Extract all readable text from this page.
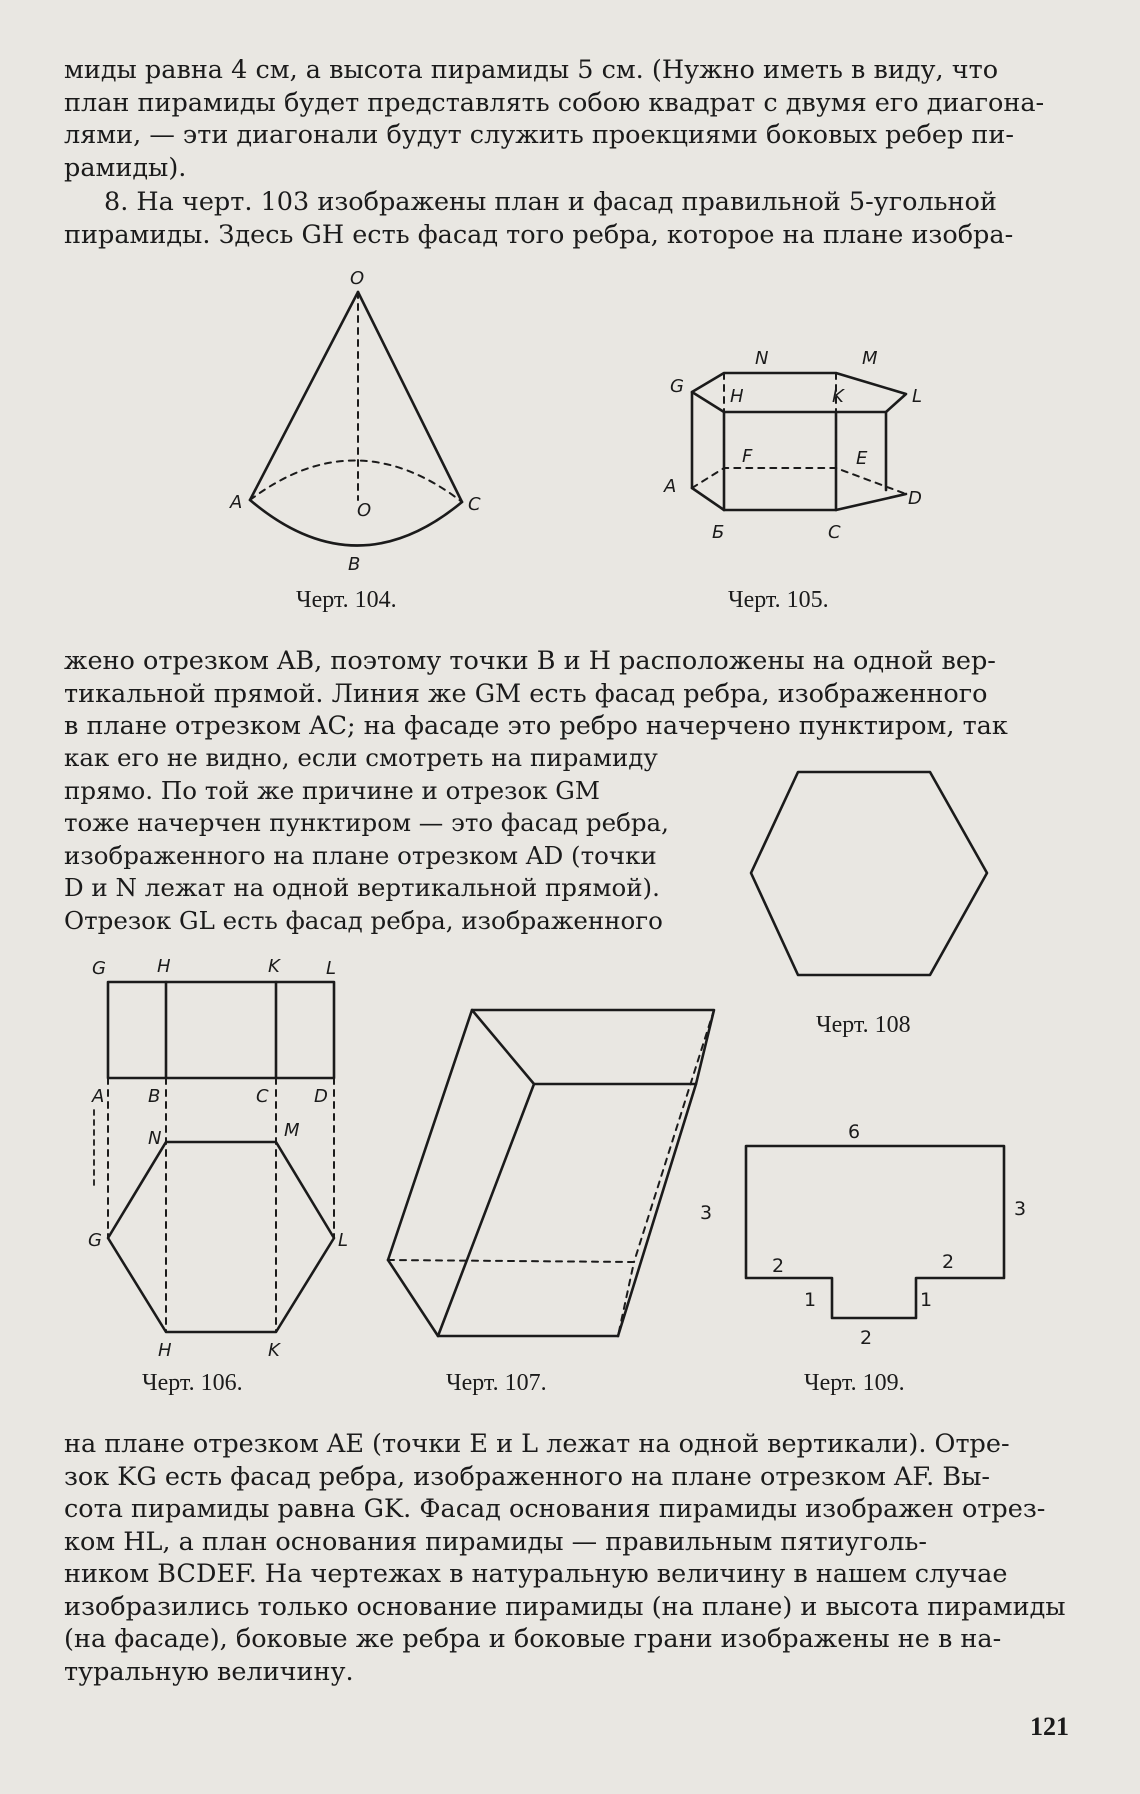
миды равна 4 см, а высота пирамиды 5 см. (Нужно иметь в виду, что
план пирамиды будет представлять собою квадрат с двумя его диагона-
лями, — эти диагонали будут служить проекциями боковых ребер пи-
рамиды).
8. На черт. 103 изображены план и фасад правильной 5-угольной
пирамиды. Здесь GH есть фасад того ребра, которое на плане изобра-
жено отрезком AB, поэтому точки B и H расположены на одной вер-
тикальной прямой. Линия же GM есть фасад ребра, изображенного
в плане отрезком AC; на фасаде это ребро начерчено пунктиром, так
как его не видно, если смотреть на пирамиду
прямо. По той же причине и отрезок GM
тоже начерчен пунктиром — это фасад ребра,
изображенного на плане отрезком AD (точки
D и N лежат на одной вертикальной прямой).
Отрезок GL есть фасад ребра, изображенного
на плане отрезком AE (точки E и L лежат на одной вертикали). Отре-
зок KG есть фасад ребра, изображенного на плане отрезком AF. Вы-
сота пирамиды равна GK. Фасад основания пирамиды изображен отрез-
ком HL, а план основания пирамиды — правильным пятиуголь-
ником BCDEF. На чертежах в натуральную величину в нашем случае
изобразились только основание пирамиды (на плане) и высота пирамиды
(на фасаде), боковые же ребра и боковые грани изображены не в на-
туральную величину.
Черт. 104.	Черт. 105.
Черт. 108
Черт. 106.	Черт. 107.	Черт. 109.
121
O
A	O	C
B
N	M
G	H	K	L
F	E
А
D
Б	С
G	H	K	L
A B	C	D
N	M
G	L
H	K
6
3	3
2	2
1	1
2
